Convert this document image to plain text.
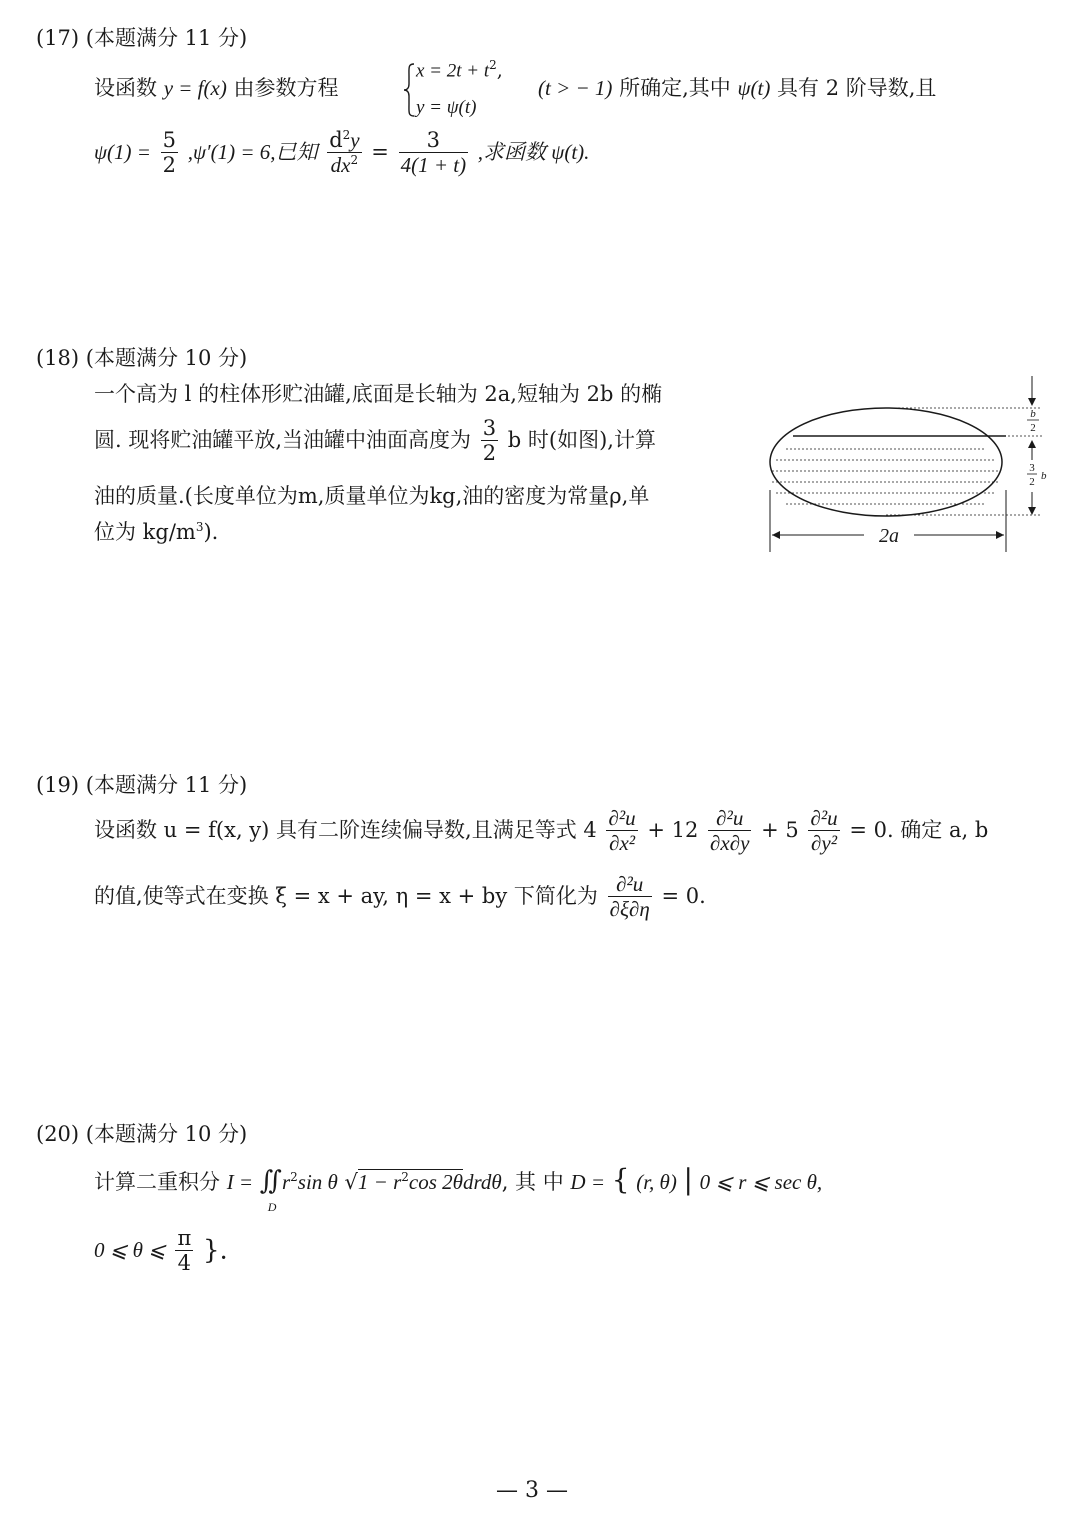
(17) (本题满分 11 分)
设函数 y = f(x) 由参数方程
$x = 2t + t^2$,
y = ψ(t)
(t > − 1) 所确定,其中 ψ(t) 具有 2 阶导数,且
$\psi(1) = \frac{5}{2} ,\psi'(1) = 6$,已知 $\frac{d^2y}{dx^2} = \frac{3}{4(1 + t)}$ ,求函数 ψ(t).
(18) (本题满分 10 分)
一个高为 l 的柱体形贮油罐,底面是长轴为 2a,短轴为 2b 的椭
圆. 现将贮油罐平放,当油罐中油面高度为 $\frac{3}{2}$ b 时(如图),计算
油的质量.(长度单位为m,质量单位为kg,油的密度为常量ρ,单
位为 $kg/m^3$).	2a
b
2
3
2 b
(19) (本题满分 11 分)
设函数 u = f(x, y) 具有二阶连续偏导数,且满足等式 $4 \frac{\text{∂²u}}{\text{∂x²}} + 12 \frac{\text{∂²u}}{\partial x\partial y} + 5 \frac{\text{∂²u}}{\text{∂y²}} = 0$. 确定 a, b
的值,使等式在变换 ξ = x + ay, η = x + by 下简化为 $\frac{\text{∂²u}}{\partial\xi\partial\eta} = 0$.
(20) (本题满分 10 分)
计算二重积分 I = ∬
D
$r^2\sin$ θ $√1 - r^2\cos$ 2θdrdθ, 其 中 D = { (r, θ) | 0 ⩽ r ⩽ sec θ,
0 ⩽ θ ⩽ $\frac{\pi}{4}$ }.
— 3 —
